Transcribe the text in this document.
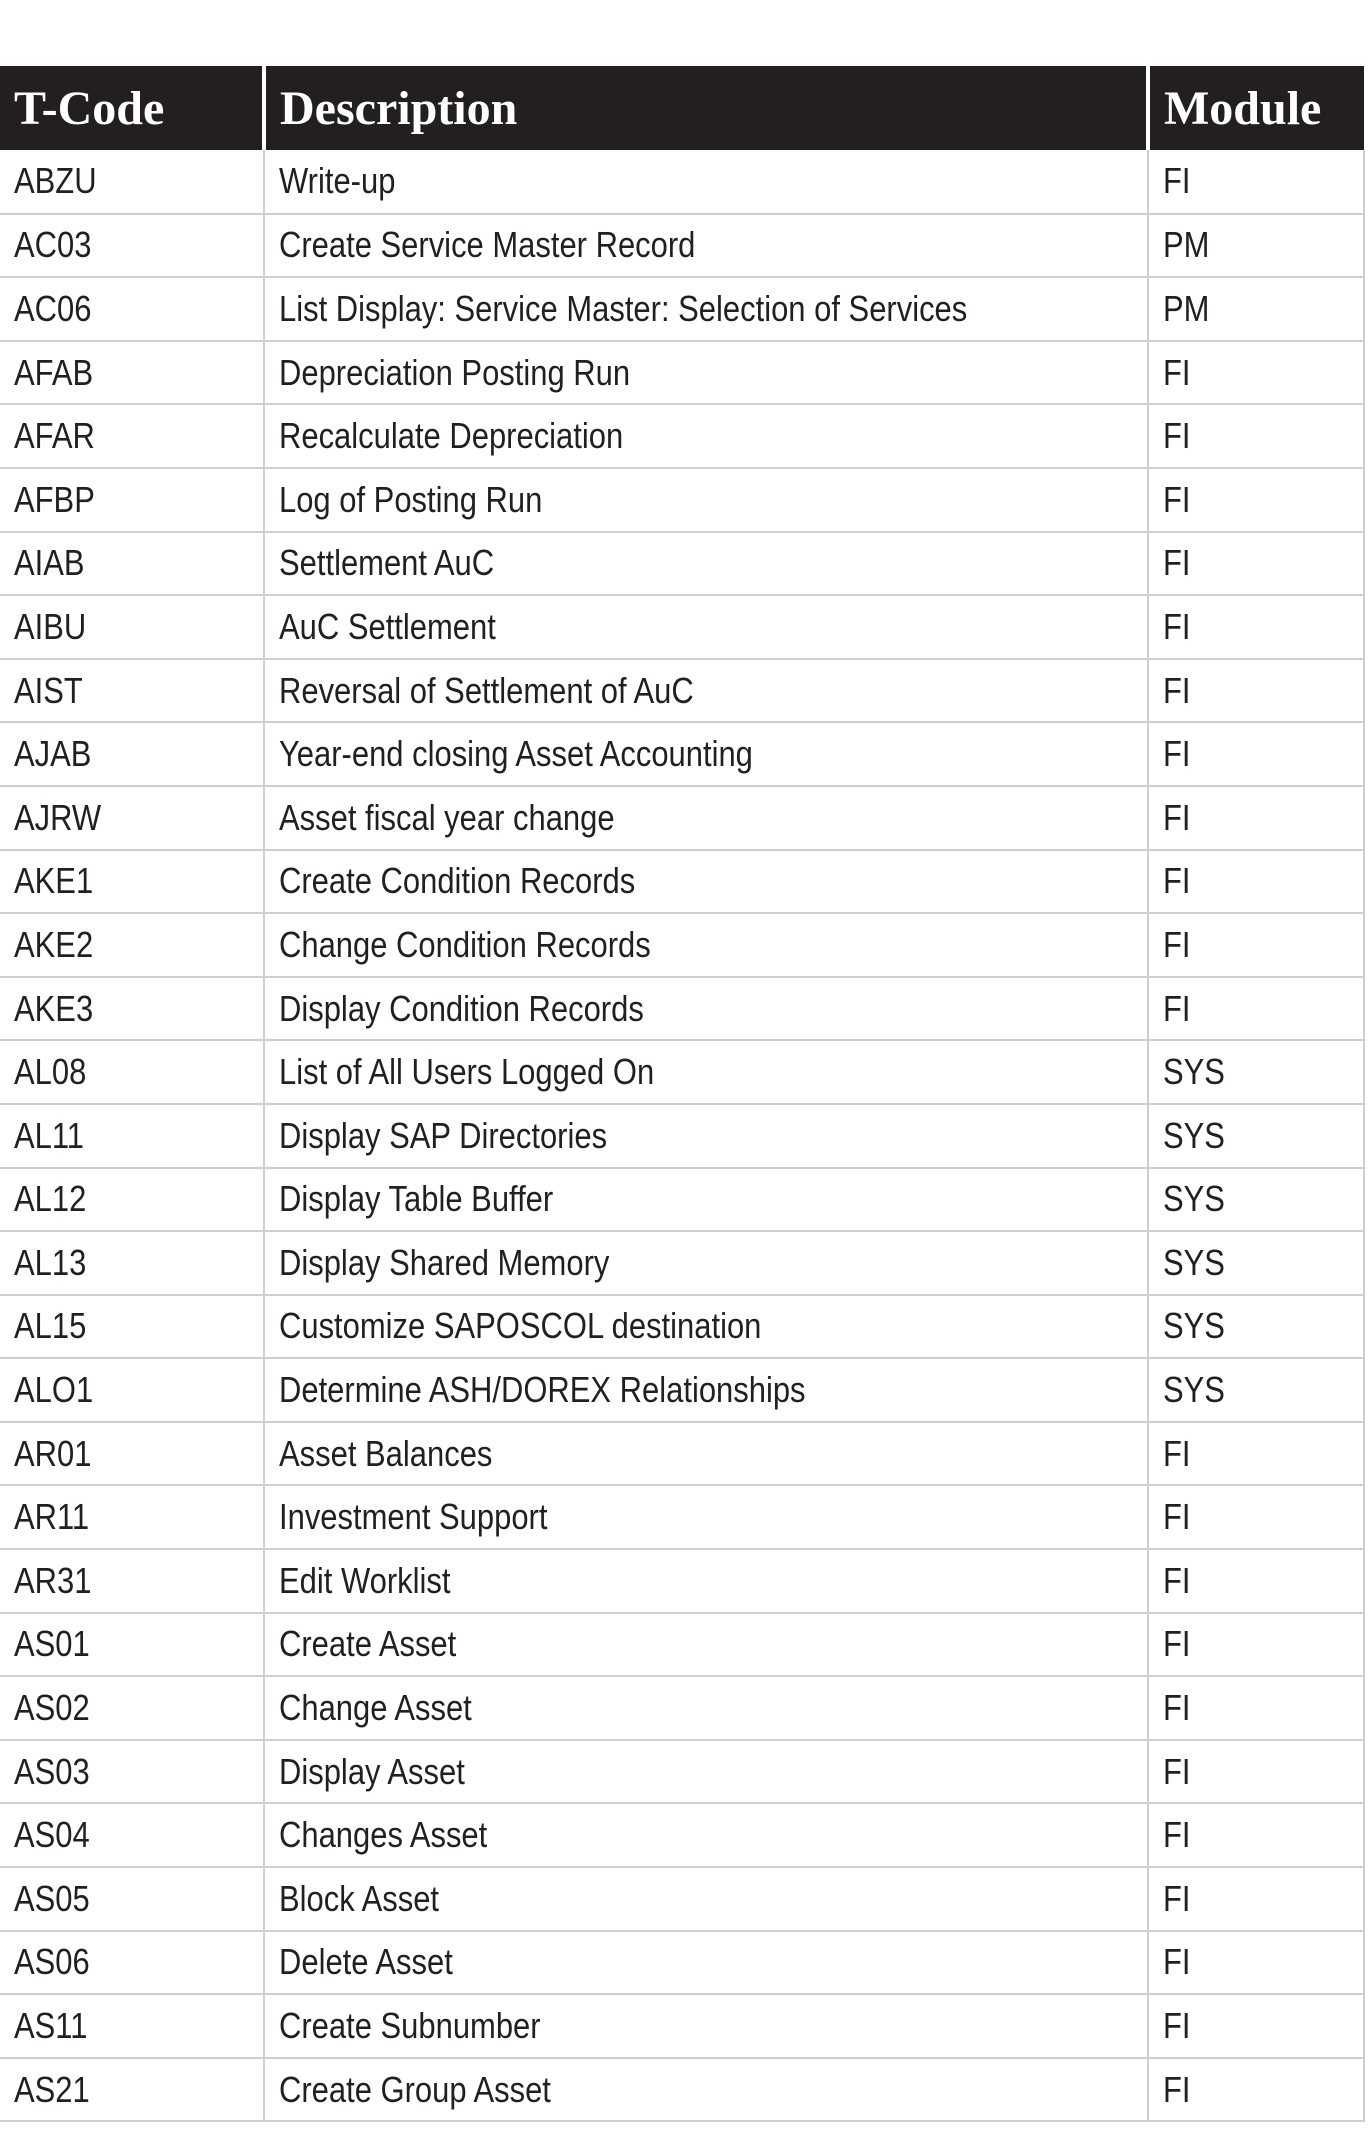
T-Code	Description	Module
ABZU	Write-up	FI
AC03	Create Service Master Record	PM
AC06	List Display: Service Master: Selection of Services	PM
AFAB	Depreciation Posting Run	FI
AFAR	Recalculate Depreciation	FI
AFBP	Log of Posting Run	FI
AIAB	Settlement AuC	FI
AIBU	AuC Settlement	FI
AIST	Reversal of Settlement of AuC	FI
AJAB	Year-end closing Asset Accounting	FI
AJRW	Asset fiscal year change	FI
AKE1	Create Condition Records	FI
AKE2	Change Condition Records	FI
AKE3	Display Condition Records	FI
AL08	List of All Users Logged On	SYS
AL11	Display SAP Directories	SYS
AL12	Display Table Buffer	SYS
AL13	Display Shared Memory	SYS
AL15	Customize SAPOSCOL destination	SYS
ALO1	Determine ASH/DOREX Relationships	SYS
AR01	Asset Balances	FI
AR11	Investment Support	FI
AR31	Edit Worklist	FI
AS01	Create Asset	FI
AS02	Change Asset	FI
AS03	Display Asset	FI
AS04	Changes Asset	FI
AS05	Block Asset	FI
AS06	Delete Asset	FI
AS11	Create Subnumber	FI
AS21	Create Group Asset	FI
